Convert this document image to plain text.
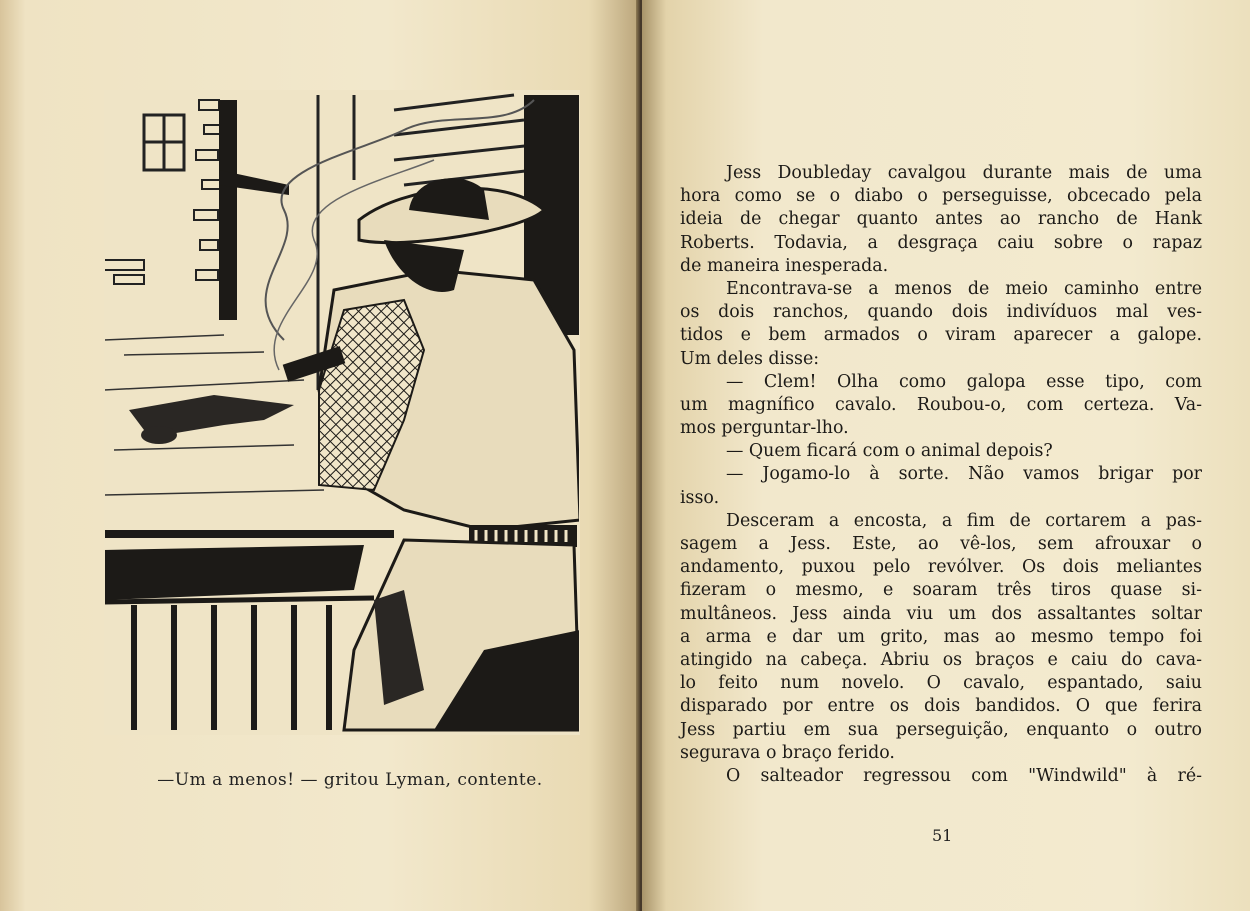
—Um a menos! — gritou Lyman, contente.
Jess Doubleday cavalgou durante mais de uma
hora como se o diabo o perseguisse, obcecado pela
ideia de chegar quanto antes ao rancho de Hank
Roberts. Todavia, a desgraça caiu sobre o rapaz
de maneira inesperada.
Encontrava-se a menos de meio caminho entre
os dois ranchos, quando dois indivíduos mal ves-
tidos e bem armados o viram aparecer a galope.
Um deles disse:
— Clem! Olha como galopa esse tipo, com
um magnífico cavalo. Roubou-o, com certeza. Va-
mos perguntar-lho.
— Quem ficará com o animal depois?
— Jogamo-lo à sorte. Não vamos brigar por
isso.
Desceram a encosta, a fim de cortarem a pas-
sagem a Jess. Este, ao vê-los, sem afrouxar o
andamento, puxou pelo revólver. Os dois meliantes
fizeram o mesmo, e soaram três tiros quase si-
multâneos. Jess ainda viu um dos assaltantes soltar
a arma e dar um grito, mas ao mesmo tempo foi
atingido na cabeça. Abriu os braços e caiu do cava-
lo feito num novelo. O cavalo, espantado, saiu
disparado por entre os dois bandidos. O que ferira
Jess partiu em sua perseguição, enquanto o outro
segurava o braço ferido.
O salteador regressou com "Windwild" à ré-
51
